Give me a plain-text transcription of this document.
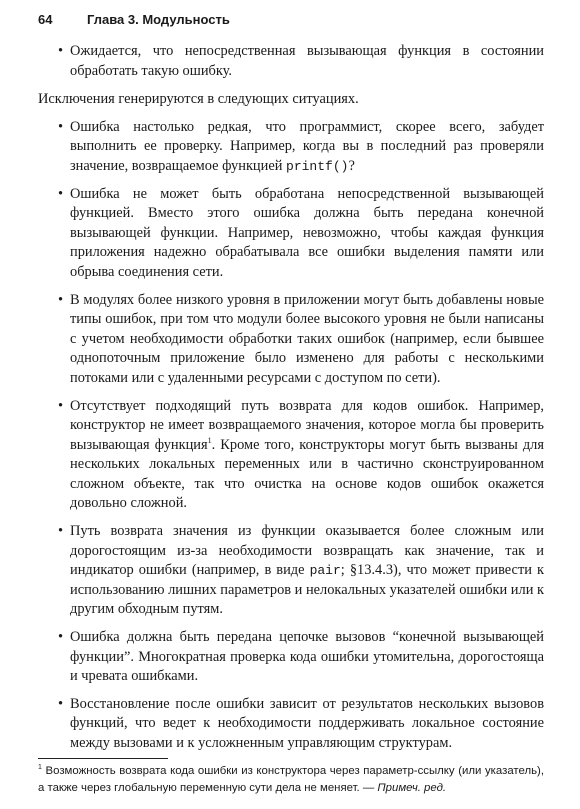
64	Глава 3. Модульность

• Ожидается, что непосредственная вызывающая функция в состоянии обработать такую ошибку.

Исключения генерируются в следующих ситуациях.

• Ошибка настолько редкая, что программист, скорее всего, забудет выполнить ее проверку. Например, когда вы в последний раз проверяли значение, возвращаемое функцией printf()?

• Ошибка не может быть обработана непосредственной вызывающей функцией. Вместо этого ошибка должна быть передана конечной вызывающей функции. Например, невозможно, чтобы каждая функция приложения надежно обрабатывала все ошибки выделения памяти или обрыва соединения сети.

• В модулях более низкого уровня в приложении могут быть добавлены новые типы ошибок, при том что модули более высокого уровня не были написаны с учетом необходимости обработки таких ошибок (например, если бывшее однопоточным приложение было изменено для работы с несколькими потоками или с удаленными ресурсами с доступом по сети).

• Отсутствует подходящий путь возврата для кодов ошибок. Например, конструктор не имеет возвращаемого значения, которое могла бы проверить вызывающая функция$^1$. Кроме того, конструкторы могут быть вызваны для нескольких локальных переменных или в частично сконструированном сложном объекте, так что очистка на основе кодов ошибок окажется довольно сложной.

• Путь возврата значения из функции оказывается более сложным или дорогостоящим из-за необходимости возвращать как значение, так и индикатор ошибки (например, в виде pair; §13.4.3), что может привести к использованию лишних параметров и нелокальных указателей ошибки или к другим обходным путям.

• Ошибка должна быть передана цепочке вызовов “конечной вызывающей функции”. Многократная проверка кода ошибки утомительна, дорогостояща и чревата ошибками.

• Восстановление после ошибки зависит от результатов нескольких вызовов функций, что ведет к необходимости поддерживать локальное состояние между вызовами и к усложненным управляющим структурам.

$^1$ Возможность возврата кода ошибки из конструктора через параметр-ссылку (или указатель), а также через глобальную переменную сути дела не меняет. — Примеч. ред.
